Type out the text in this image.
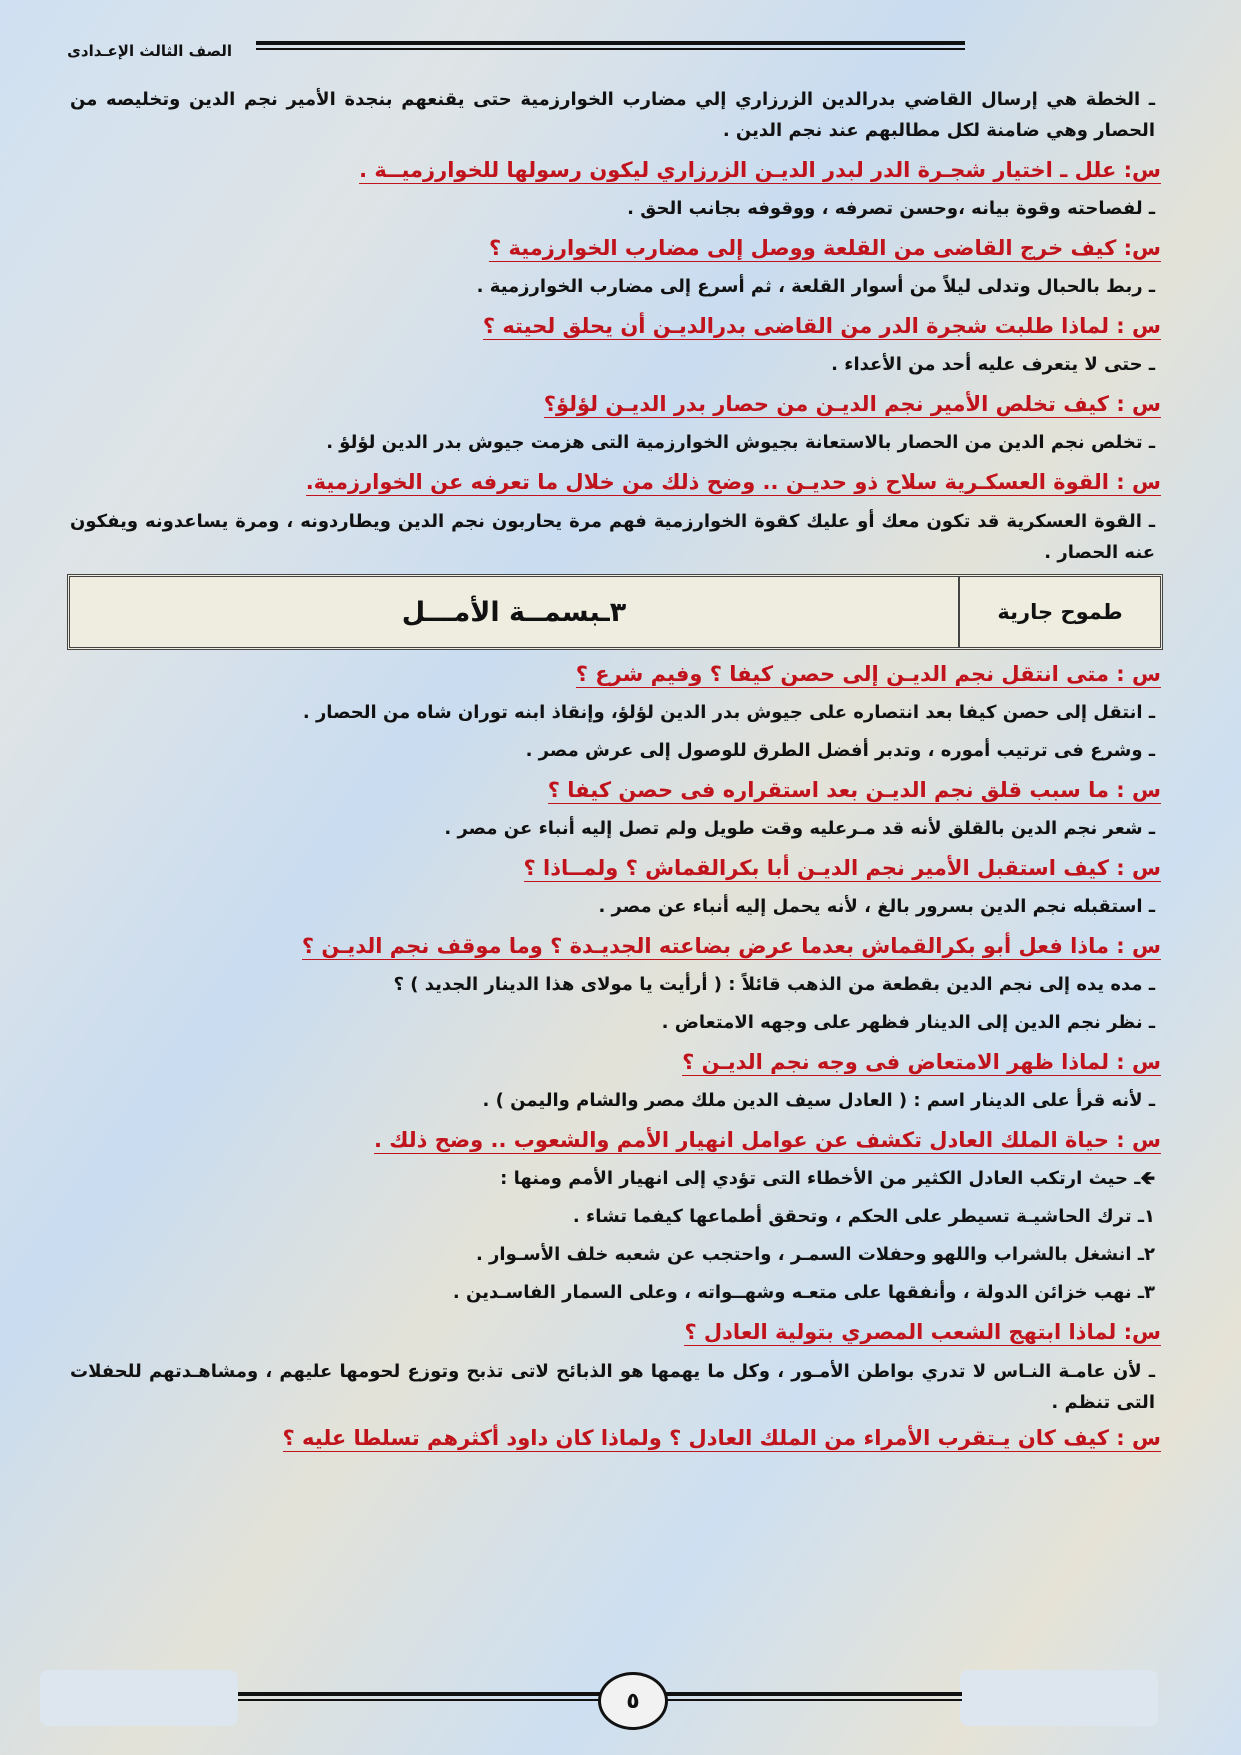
الصف الثالث الإعـدادى
ـ الخطة هي إرسال القاضي بدرالدين الزرزاري إلي مضارب الخوارزمية حتى يقنعهم بنجدة الأمير نجم الدين وتخليصه من الحصار وهي ضامنة لكل مطالبهم عند نجم الدين .
س: علل ـ اختيار شجـرة الدر لبدر الديـن الزرزاري ليكون رسولها للخوارزميــة .
ـ لفصاحته وقوة بيانه ،وحسن تصرفه ، ووقوفه بجانب الحق .
س: كيف خرج القاضى من القلعة ووصل إلى مضارب الخوارزمية ؟
ـ ربط بالحبال وتدلى ليلاً من أسوار القلعة ، ثم أسرع إلى مضارب الخوارزمية .
س : لماذا طلبت شجرة الدر من القاضى بدرالديـن أن يحلق لحيته ؟
ـ حتى لا يتعرف عليه أحد من الأعداء .
س : كيف تخلص الأمير نجم الديـن من حصار بدر الديـن لؤلؤ؟
ـ تخلص نجم الدين من الحصار بالاستعانة بجيوش الخوارزمية التى هزمت جيوش بدر الدين لؤلؤ .
س : القوة العسكـرية سلاح ذو حديـن .. وضح ذلك من خلال ما تعرفه عن الخوارزمية.
ـ القوة العسكرية قد تكون معك أو عليك كقوة الخوارزمية فهم مرة يحاربون نجم الدين ويطاردونه ، ومرة يساعدونه ويفكون عنه الحصار .
طموح جارية
٣ـبسمــة الأمـــل
س : متى انتقل نجم الديـن إلى حصن كيفا ؟ وفيم شرع ؟
ـ انتقل إلى حصن كيفا بعد انتصاره على جيوش بدر الدين لؤلؤ، وإنقاذ ابنه توران شاه من الحصار .
ـ وشرع فى ترتيب أموره ، وتدبر أفضل الطرق للوصول إلى عرش مصر .
س : ما سبب قلق نجم الديـن بعد استقراره فى حصن كيفا ؟
ـ شعر نجم الدين بالقلق لأنه قد مـرعليه وقت طويل ولم تصل إليه أنباء عن مصر .
س : كيف استقبل الأمير نجم الديـن أبا بكرالقماش ؟ ولمــاذا ؟
ـ استقبله نجم الدين بسرور بالغ ، لأنه يحمل إليه أنباء عن مصر .
س : ماذا فعل أبو بكرالقماش بعدما عرض بضاعته الجديـدة ؟ وما موقف نجم الديـن ؟
ـ مده يده إلى نجم الدين بقطعة من الذهب قائلاً : ( أرأيت يا مولاى هذا الدينار الجديد ) ؟
ـ نظر نجم الدين إلى الدينار فظهر على وجهه الامتعاض .
س : لماذا ظهر الامتعاض فى وجه نجم الديـن ؟
ـ لأنه قرأ على الدينار اسم : ( العادل سيف الدين ملك مصر والشام واليمن ) .
س : حياة الملك العادل تكشف عن عوامل انهيار الأمم والشعوب .. وضح ذلك .
🡸ـ حيث ارتكب العادل الكثير من الأخطاء التى تؤدي إلى انهيار الأمم ومنها :
١ـ ترك الحاشيـة تسيطر على الحكم ، وتحقق أطماعها كيفما تشاء .
٢ـ انشغل بالشراب واللهو وحفلات السمـر ، واحتجب عن شعبه خلف الأسـوار .
٣ـ نهب خزائن الدولة ، وأنفقها على متعـه وشهــواته ، وعلى السمار الفاسـدين .
س: لماذا ابتهج الشعب المصري بتولية العادل ؟
ـ لأن عامـة النـاس لا تدري بواطن الأمـور ، وكل ما يهمها هو الذبائح لاتى تذبح وتوزع لحومها عليهم ، ومشاهـدتهم للحفلات التى تنظم .
س : كيف كان يـتقرب الأمراء من الملك العادل ؟ ولماذا كان داود أكثرهم تسلطا عليه ؟
٥
